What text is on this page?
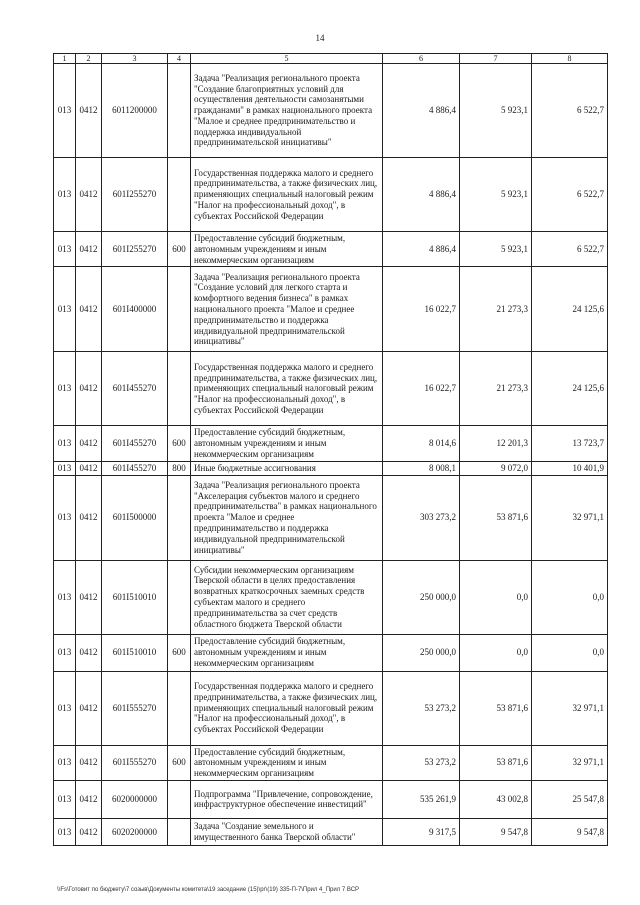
14
1	2	3	4	5	6	7	8
013	0412	6011200000		Задача "Реализация регионального проекта "Создание благоприятных условий для осуществления деятельности самозанятыми гражданами" в рамках национального проекта "Малое и среднее предпринимательство и поддержка индивидуальной предпринимательской инициативы"	4 886,4	5 923,1	6 522,7
013	0412	601I255270		Государственная поддержка малого и среднего предпринимательства, а также физических лиц, применяющих специальный налоговый режим "Налог на профессиональный доход", в субъектах Российской Федерации	4 886,4	5 923,1	6 522,7
013	0412	601I255270	600	Предоставление субсидий бюджетным, автономным учреждениям и иным некоммерческим организациям	4 886,4	5 923,1	6 522,7
013	0412	601I400000		Задача "Реализация регионального проекта "Создание условий для легкого старта и комфортного ведения бизнеса" в рамках национального проекта "Малое и среднее предпринимательство и поддержка индивидуальной предпринимательской инициативы"	16 022,7	21 273,3	24 125,6
013	0412	601I455270		Государственная поддержка малого и среднего предпринимательства, а также физических лиц, применяющих специальный налоговый режим "Налог на профессиональный доход", в субъектах Российской Федерации	16 022,7	21 273,3	24 125,6
013	0412	601I455270	600	Предоставление субсидий бюджетным, автономным учреждениям и иным некоммерческим организациям	8 014,6	12 201,3	13 723,7
013	0412	601I455270	800	Иные бюджетные ассигнования	8 008,1	9 072,0	10 401,9
013	0412	601I500000		Задача "Реализация регионального проекта "Акселерация субъектов малого и среднего предпринимательства" в рамках национального проекта "Малое и среднее предпринимательство и поддержка индивидуальной предпринимательской инициативы"	303 273,2	53 871,6	32 971,1
013	0412	601I510010		Субсидии некоммерческим организациям Тверской области в целях предоставления возвратных краткосрочных заемных средств субъектам малого и среднего предпринимательства за счет средств областного бюджета Тверской области	250 000,0	0,0	0,0
013	0412	601I510010	600	Предоставление субсидий бюджетным, автономным учреждениям и иным некоммерческим организациям	250 000,0	0,0	0,0
013	0412	601I555270		Государственная поддержка малого и среднего предпринимательства, а также физических лиц, применяющих специальный налоговый режим "Налог на профессиональный доход", в субъектах Российской Федерации	53 273,2	53 871,6	32 971,1
013	0412	601I555270	600	Предоставление субсидий бюджетным, автономным учреждениям и иным некоммерческим организациям	53 273,2	53 871,6	32 971,1
013	0412	6020000000		Подпрограмма "Привлечение, сопровождение, инфраструктурное обеспечение инвестиций"	535 261,9	43 002,8	25 547,8
013	0412	6020200000		Задача "Создание земельного и имущественного банка Тверской области"	9 317,5	9 547,8	9 547,8
\\Fs\Готовит по бюджету\7 созыв\Документы комитета\19 заседание (15)\pr\(19) 335-П-7\Прил 4_Прил 7 ВСР
